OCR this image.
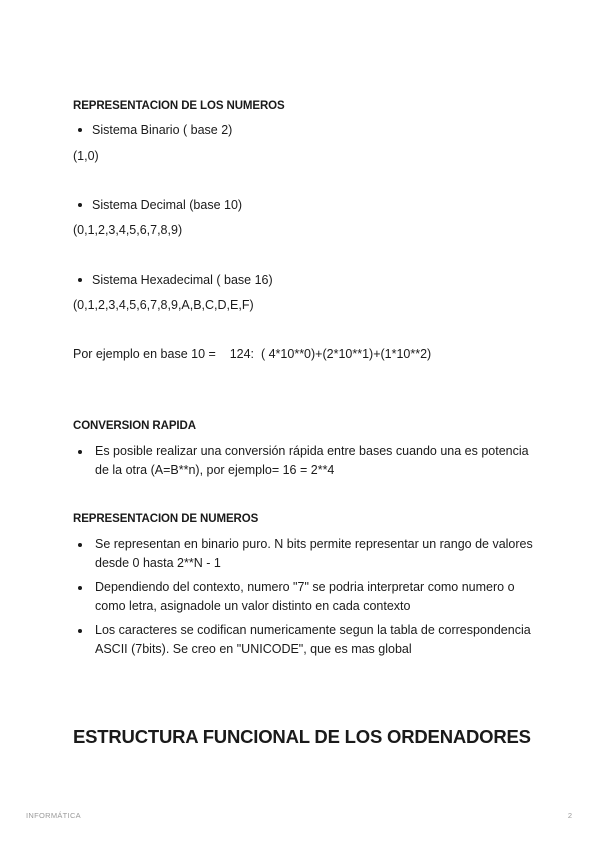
REPRESENTACION DE LOS NUMEROS
Sistema Binario ( base 2)
(1,0)
Sistema Decimal (base 10)
(0,1,2,3,4,5,6,7,8,9)
Sistema Hexadecimal ( base 16)
(0,1,2,3,4,5,6,7,8,9,A,B,C,D,E,F)
Por ejemplo en base 10 =    124:  ( 4*10**0)+(2*10**1)+(1*10**2)
CONVERSION RAPIDA
Es posible realizar una conversión rápida entre bases cuando una es potencia de la otra (A=B**n), por ejemplo= 16 = 2**4
REPRESENTACION DE NUMEROS
Se representan en binario puro. N bits permite representar un rango de valores desde 0 hasta 2**N - 1
Dependiendo del contexto, numero "7" se podria interpretar como numero o como letra, asignadole un valor distinto en cada contexto
Los caracteres se codifican numericamente segun la tabla de correspondencia ASCII (7bits). Se creo en "UNICODE", que es mas global
ESTRUCTURA FUNCIONAL DE LOS ORDENADORES
INFORMÁTICA	2
